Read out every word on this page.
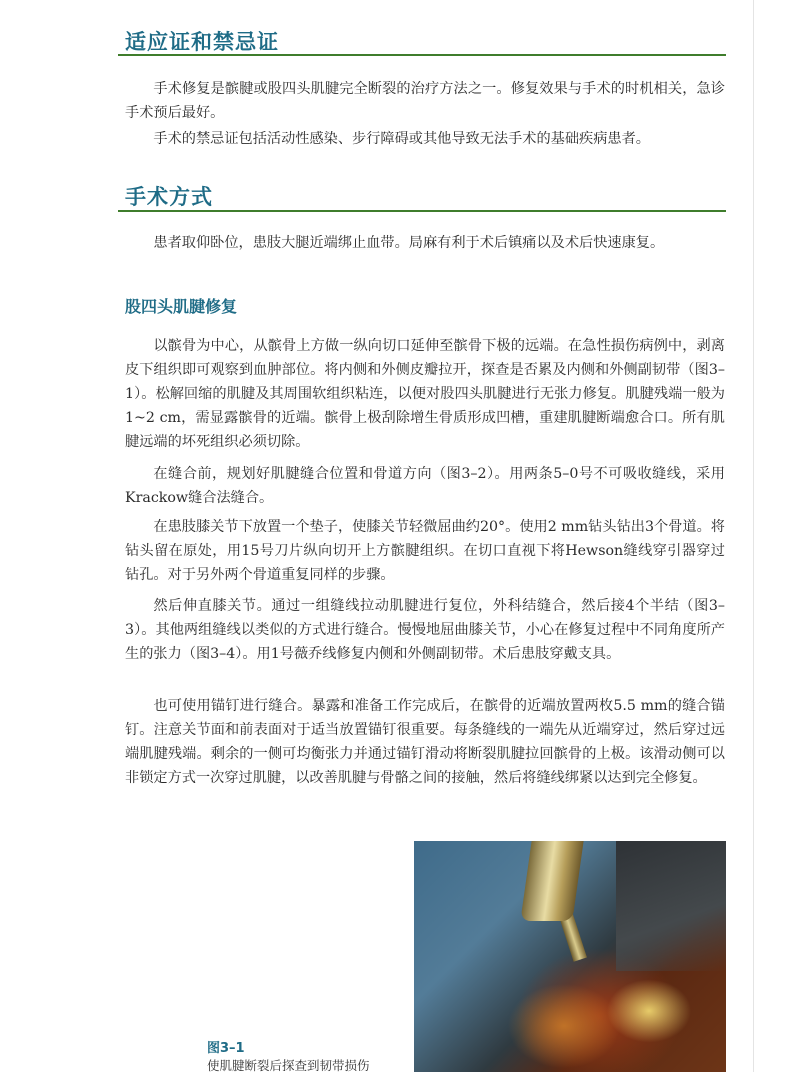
适应证和禁忌证

手术修复是髌腱或股四头肌腱完全断裂的治疗方法之一。修复效果与手术的时机相关，急诊手术预后最好。

手术的禁忌证包括活动性感染、步行障碍或其他导致无法手术的基础疾病患者。

手术方式

患者取仰卧位，患肢大腿近端绑止血带。局麻有利于术后镇痛以及术后快速康复。

股四头肌腱修复

以髌骨为中心，从髌骨上方做一纵向切口延伸至髌骨下极的远端。在急性损伤病例中，剥离皮下组织即可观察到血肿部位。将内侧和外侧皮瓣拉开，探查是否累及内侧和外侧副韧带（图3–1）。松解回缩的肌腱及其周围软组织粘连，以便对股四头肌腱进行无张力修复。肌腱残端一般为1~2 cm，需显露髌骨的近端。髌骨上极刮除增生骨质形成凹槽，重建肌腱断端愈合口。所有肌腱远端的坏死组织必须切除。

在缝合前，规划好肌腱缝合位置和骨道方向（图3–2）。用两条5–0号不可吸收缝线，采用Krackow缝合法缝合。

在患肢膝关节下放置一个垫子，使膝关节轻微屈曲约20°。使用2 mm钻头钻出3个骨道。将钻头留在原处，用15号刀片纵向切开上方髌腱组织。在切口直视下将Hewson缝线穿引器穿过钻孔。对于另外两个骨道重复同样的步骤。

然后伸直膝关节。通过一组缝线拉动肌腱进行复位，外科结缝合，然后接4个半结（图3–3）。其他两组缝线以类似的方式进行缝合。慢慢地屈曲膝关节，小心在修复过程中不同角度所产生的张力（图3–4）。用1号薇乔线修复内侧和外侧副韧带。术后患肢穿戴支具。

也可使用锚钉进行缝合。暴露和准备工作完成后，在髌骨的近端放置两枚5.5 mm的缝合锚钉。注意关节面和前表面对于适当放置锚钉很重要。每条缝线的一端先从近端穿过，然后穿过远端肌腱残端。剩余的一侧可均衡张力并通过锚钉滑动将断裂肌腱拉回髌骨的上极。该滑动侧可以非锁定方式一次穿过肌腱，以改善肌腱与骨骼之间的接触，然后将缝线绑紧以达到完全修复。

图3–1

使肌腱断裂后探查到韧带损伤
